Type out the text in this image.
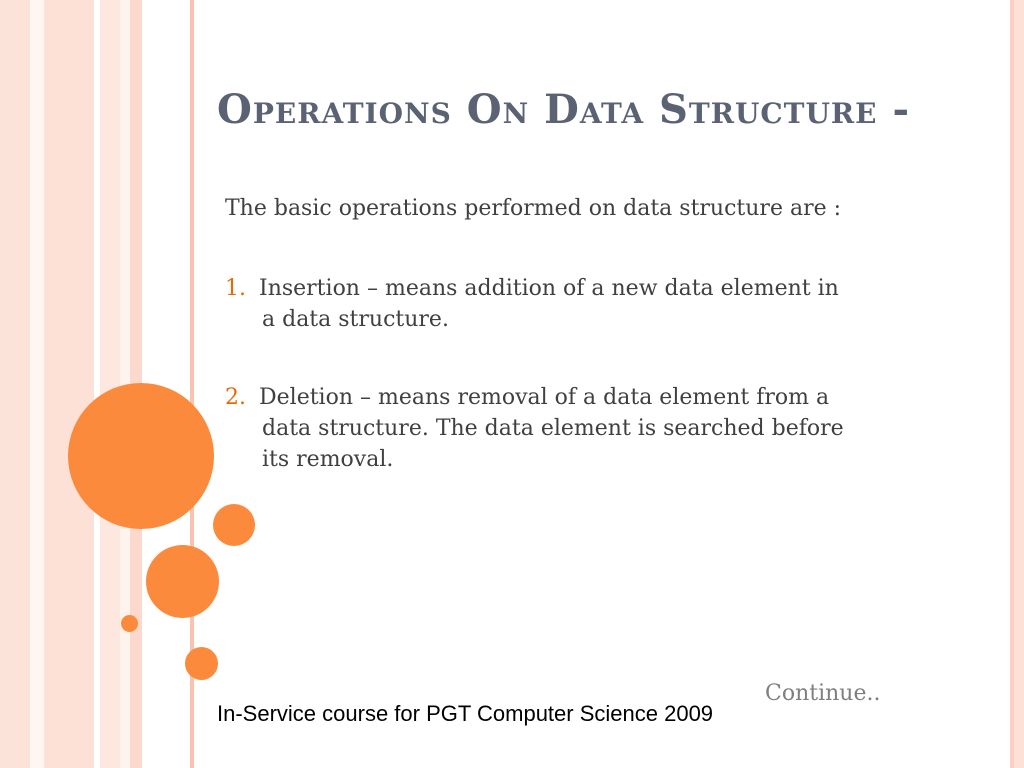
Operations On Data Structure -
The basic operations performed on data structure are :
1. Insertion – means addition of a new data element in
a data structure.
2. Deletion – means removal of a data element from a
data structure. The data element is searched before
its removal.
Continue..
In-Service course for PGT Computer Science 2009
